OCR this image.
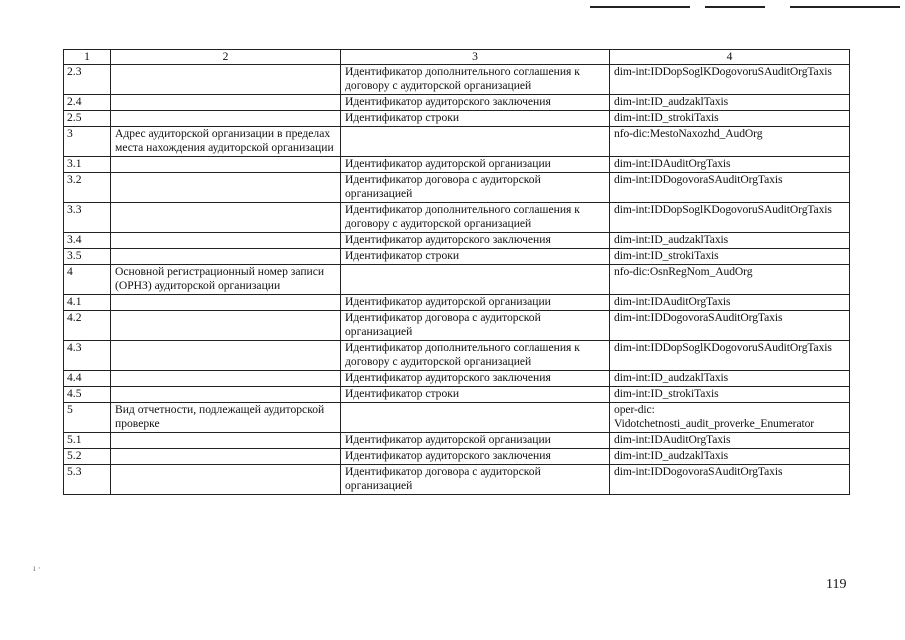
1	2	3	4
2.3		Идентификатор дополнительного соглашения к договору с аудиторской организацией	dim-int:IDDopSoglKDogovoruSAuditOrgTaxis
2.4		Идентификатор аудиторского заключения	dim-int:ID_audzaklTaxis
2.5		Идентификатор строки	dim-int:ID_strokiTaxis
3	Адрес аудиторской организации в пределах места нахождения аудиторской организации		nfo-dic:MestoNaxozhd_AudOrg
3.1		Идентификатор аудиторской организации	dim-int:IDAuditOrgTaxis
3.2		Идентификатор договора с аудиторской организацией	dim-int:IDDogovoraSAuditOrgTaxis
3.3		Идентификатор дополнительного соглашения к договору с аудиторской организацией	dim-int:IDDopSoglKDogovoruSAuditOrgTaxis
3.4		Идентификатор аудиторского заключения	dim-int:ID_audzaklTaxis
3.5		Идентификатор строки	dim-int:ID_strokiTaxis
4	Основной регистрационный номер записи (ОРНЗ) аудиторской организации		nfo-dic:OsnRegNom_AudOrg
4.1		Идентификатор аудиторской организации	dim-int:IDAuditOrgTaxis
4.2		Идентификатор договора с аудиторской организацией	dim-int:IDDogovoraSAuditOrgTaxis
4.3		Идентификатор дополнительного соглашения к договору с аудиторской организацией	dim-int:IDDopSoglKDogovoruSAuditOrgTaxis
4.4		Идентификатор аудиторского заключения	dim-int:ID_audzaklTaxis
4.5		Идентификатор строки	dim-int:ID_strokiTaxis
5	Вид отчетности, подлежащей аудиторской проверке		oper-dic: Vidotchetnosti_audit_proverke_Enumerator
5.1		Идентификатор аудиторской организации	dim-int:IDAuditOrgTaxis
5.2		Идентификатор аудиторского заключения	dim-int:ID_audzaklTaxis
5.3		Идентификатор договора с аудиторской организацией	dim-int:IDDogovoraSAuditOrgTaxis
ı ·
119
